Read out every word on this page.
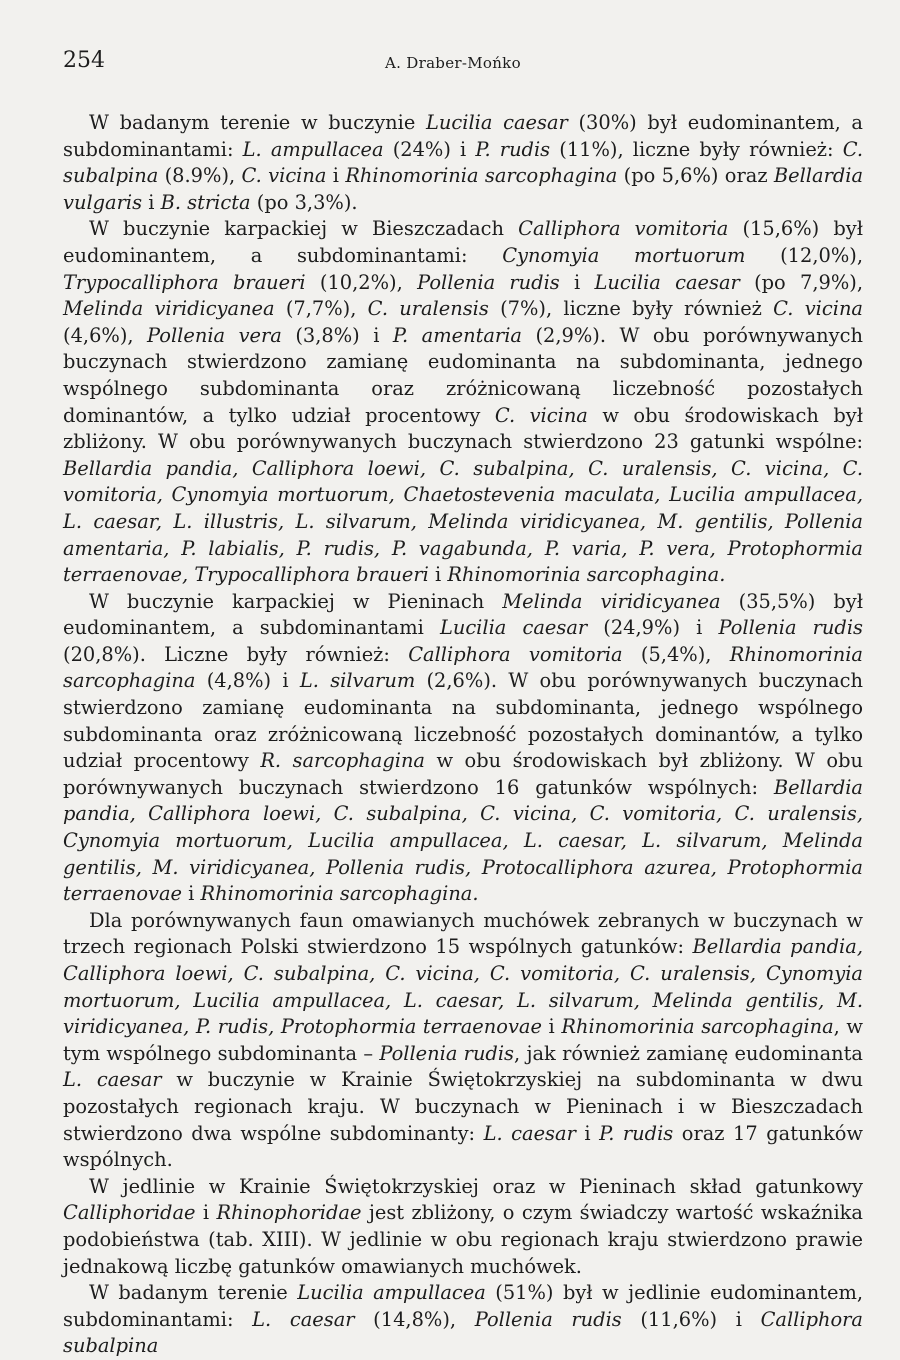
254	A. Draber-Mońko

W badanym terenie w buczynie Lucilia caesar (30%) był eudominantem, a subdominantami: L. ampullacea (24%) i P. rudis (11%), liczne były również: C. subalpina (8.9%), C. vicina i Rhinomorinia sarcophagina (po 5,6%) oraz Bellardia vulgaris i B. stricta (po 3,3%).

W buczynie karpackiej w Bieszczadach Calliphora vomitoria (15,6%) był eudominantem, a subdominantami: Cynomyia mortuorum (12,0%), Trypocalliphora braueri (10,2%), Pollenia rudis i Lucilia caesar (po 7,9%), Melinda viridicyanea (7,7%), C. uralensis (7%), liczne były również C. vicina (4,6%), Pollenia vera (3,8%) i P. amentaria (2,9%). W obu porównywanych buczynach stwierdzono zamianę eudominanta na subdominanta, jednego wspólnego subdominanta oraz zróżnicowaną liczebność pozostałych dominantów, a tylko udział procentowy C. vicina w obu środowiskach był zbliżony. W obu porównywanych buczynach stwierdzono 23 gatunki wspólne: Bellardia pandia, Calliphora loewi, C. subalpina, C. uralensis, C. vicina, C. vomitoria, Cynomyia mortuorum, Chaetostevenia maculata, Lucilia ampullacea, L. caesar, L. illustris, L. silvarum, Melinda viridicyanea, M. gentilis, Pollenia amentaria, P. labialis, P. rudis, P. vagabunda, P. varia, P. vera, Protophormia terraenovae, Trypocalliphora braueri i Rhinomorinia sarcophagina.

W buczynie karpackiej w Pieninach Melinda viridicyanea (35,5%) był eudominantem, a subdominantami Lucilia caesar (24,9%) i Pollenia rudis (20,8%). Liczne były również: Calliphora vomitoria (5,4%), Rhinomorinia sarcophagina (4,8%) i L. silvarum (2,6%). W obu porównywanych buczynach stwierdzono zamianę eudominanta na subdominanta, jednego wspólnego subdominanta oraz zróżnicowaną liczebność pozostałych dominantów, a tylko udział procentowy R. sarcophagina w obu środowiskach był zbliżony. W obu porównywanych buczynach stwierdzono 16 gatunków wspólnych: Bellardia pandia, Calliphora loewi, C. subalpina, C. vicina, C. vomitoria, C. uralensis, Cynomyia mortuorum, Lucilia ampullacea, L. caesar, L. silvarum, Melinda gentilis, M. viridicyanea, Pollenia rudis, Protocalliphora azurea, Protophormia terraenovae i Rhinomorinia sarcophagina.

Dla porównywanych faun omawianych muchówek zebranych w buczynach w trzech regionach Polski stwierdzono 15 wspólnych gatunków: Bellardia pandia, Calliphora loewi, C. subalpina, C. vicina, C. vomitoria, C. uralensis, Cynomyia mortuorum, Lucilia ampullacea, L. caesar, L. silvarum, Melinda gentilis, M. viridicyanea, P. rudis, Protophormia terraenovae i Rhinomorinia sarcophagina, w tym wspólnego subdominanta – Pollenia rudis, jak również zamianę eudominanta L. caesar w buczynie w Krainie Świętokrzyskiej na subdominanta w dwu pozostałych regionach kraju. W buczynach w Pieninach i w Bieszczadach stwierdzono dwa wspólne subdominanty: L. caesar i P. rudis oraz 17 gatunków wspólnych.

W jedlinie w Krainie Świętokrzyskiej oraz w Pieninach skład gatunkowy Calliphoridae i Rhinophoridae jest zbliżony, o czym świadczy wartość wskaźnika podobieństwa (tab. XIII). W jedlinie w obu regionach kraju stwierdzono prawie jednakową liczbę gatunków omawianych muchówek.

W badanym terenie Lucilia ampullacea (51%) był w jedlinie eudominantem, subdominantami: L. caesar (14,8%), Pollenia rudis (11,6%) i Calliphora subalpina
